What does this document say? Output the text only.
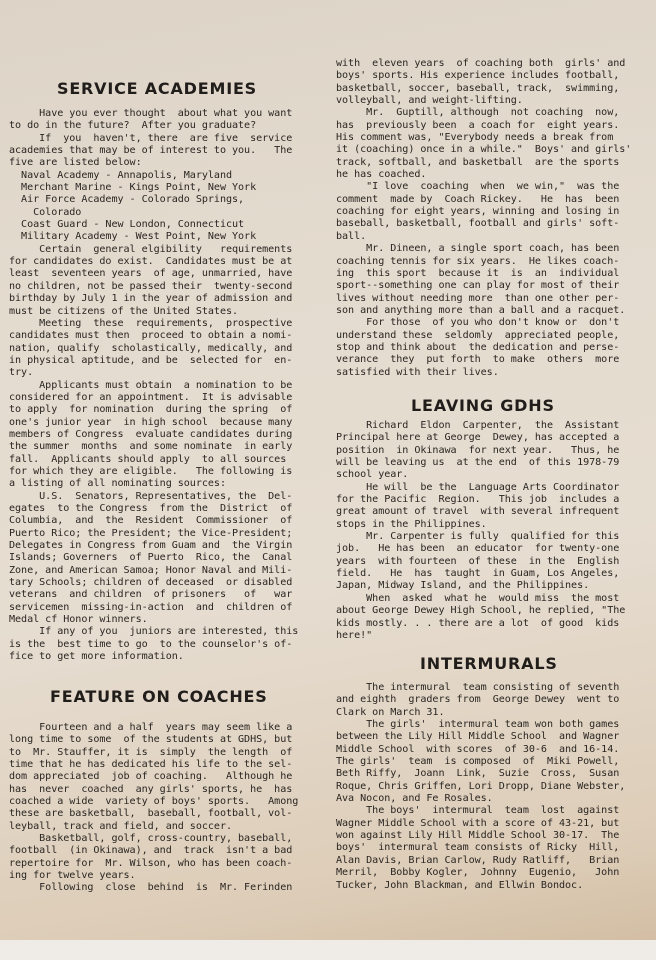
SERVICE ACADEMIES
Have you ever thought  about what you want
to do in the future?  After you graduate?
If  you  haven't, there  are five  service
academies that may be of interest to you.   The
five are listed below:
Naval Academy - Annapolis, Maryland
Merchant Marine - Kings Point, New York
Air Force Academy - Colorado Springs,
Colorado
Coast Guard - New London, Connecticut
Military Academy - West Point, New York
Certain  general elgibility   requirements
for candidates do exist.  Candidates must be at
least  seventeen years  of age, unmarried, have
no children, not be passed their  twenty-second
birthday by July 1 in the year of admission and
must be citizens of the United States.
Meeting  these  requirements,  prospective
candidates must then  proceed to obtain a nomi-
nation, qualify  scholastically, medically, and
in physical aptitude, and be  selected for  en-
try.
Applicants must obtain  a nomination to be
considered for an appointment.  It is advisable
to apply  for nomination  during the spring  of
one's junior year  in high school  because many
members of Congress  evaluate candidates during
the summer  months  and some nominate  in early
fall.  Applicants should apply  to all sources
for which they are eligible.   The following is
a listing of all nominating sources:
U.S.  Senators, Representatives, the  Del-
egates  to the Congress  from the  District  of
Columbia,  and  the  Resident  Commissioner  of
Puerto Rico; the President; the Vice-President;
Delegates in Congress from Guam and  the Virgin
Islands; Governers  of Puerto  Rico, the  Canal
Zone, and American Samoa; Honor Naval and Mili-
tary Schools; children of deceased  or disabled
veterans  and children  of prisoners   of   war
servicemen  missing-in-action  and  children of
Medal cf Honor winners.
If any of you  juniors are interested, this
is the  best time to go  to the counselor's of-
fice to get more information.
FEATURE ON COACHES
Fourteen and a half  years may seem like a
long time to some  of the students at GDHS, but
to  Mr. Stauffer, it is  simply  the length  of
time that he has dedicated his life to the sel-
dom appreciated  job of coaching.   Although he
has  never  coached  any girls' sports, he  has
coached a wide  variety of boys' sports.   Among
these are basketball,  baseball, football, vol-
leyball, track and field, and soccer.
Basketball, golf, cross-country, baseball,
football  (in Okinawa), and  track  isn't a bad
repertoire for  Mr. Wilson, who has been coach-
ing for twelve years.
Following  close  behind  is  Mr. Ferinden
with  eleven years  of coaching both  girls' and
boys' sports. His experience includes football,
basketball, soccer, baseball, track,  swimming,
volleyball, and weight-lifting.
Mr.  Guptill, although  not coaching  now,
has  previously been  a coach for  eight years.
His comment was, "Everybody needs a break from
it (coaching) once in a while."  Boys' and girls'
track, softball, and basketball  are the sports
he has coached.
"I love  coaching  when  we win,"  was the
comment  made by  Coach Rickey.   He  has  been
coaching for eight years, winning and losing in
baseball, basketball, football and girls' soft-
ball.
Mr. Dineen, a single sport coach, has been
coaching tennis for six years.  He likes coach-
ing  this sport  because it  is  an  individual
sport--something one can play for most of their
lives without needing more  than one other per-
son and anything more than a ball and a racquet.
For those  of you who don't know or  don't
understand these  seldomly  appreciated people,
stop and think about  the dedication and perse-
verance  they  put forth  to make  others  more
satisfied with their lives.
LEAVING GDHS
Richard  Eldon  Carpenter,  the  Assistant
Principal here at George  Dewey, has accepted a
position  in Okinawa  for next year.   Thus, he
will be leaving us  at the end  of this 1978-79
school year.
He will  be the  Language Arts Coordinator
for the Pacific  Region.   This job  includes a
great amount of travel  with several infrequent
stops in the Philippines.
Mr. Carpenter is fully  qualified for this
job.   He has been  an educator  for twenty-one
years  with fourteen  of these  in the  English
field.   He  has  taught  in Guam, Los Angeles,
Japan, Midway Island, and the Philippines.
When  asked  what he  would miss  the most
about George Dewey High School, he replied, "The
kids mostly. . . there are a lot  of good  kids
here!"
INTERMURALS
The intermural  team consisting of seventh
and eighth  graders from  George Dewey  went to
Clark on March 31.
The girls'  intermural team won both games
between the Lily Hill Middle School  and Wagner
Middle School  with scores  of 30-6  and 16-14.
The girls'  team  is composed  of  Miki Powell,
Beth Riffy,  Joann  Link,  Suzie  Cross,  Susan
Roque, Chris Griffen, Lori Dropp, Diane Webster,
Ava Nocon, and Fe Rosales.
The boys'  intermural  team  lost  against
Wagner Middle School with a score of 43-21, but
won against Lily Hill Middle School 30-17.  The
boys'  intermural team consists of Ricky  Hill,
Alan Davis, Brian Carlow, Rudy Ratliff,   Brian
Merril,  Bobby Kogler,  Johnny  Eugenio,   John
Tucker, John Blackman, and Ellwin Bondoc.
